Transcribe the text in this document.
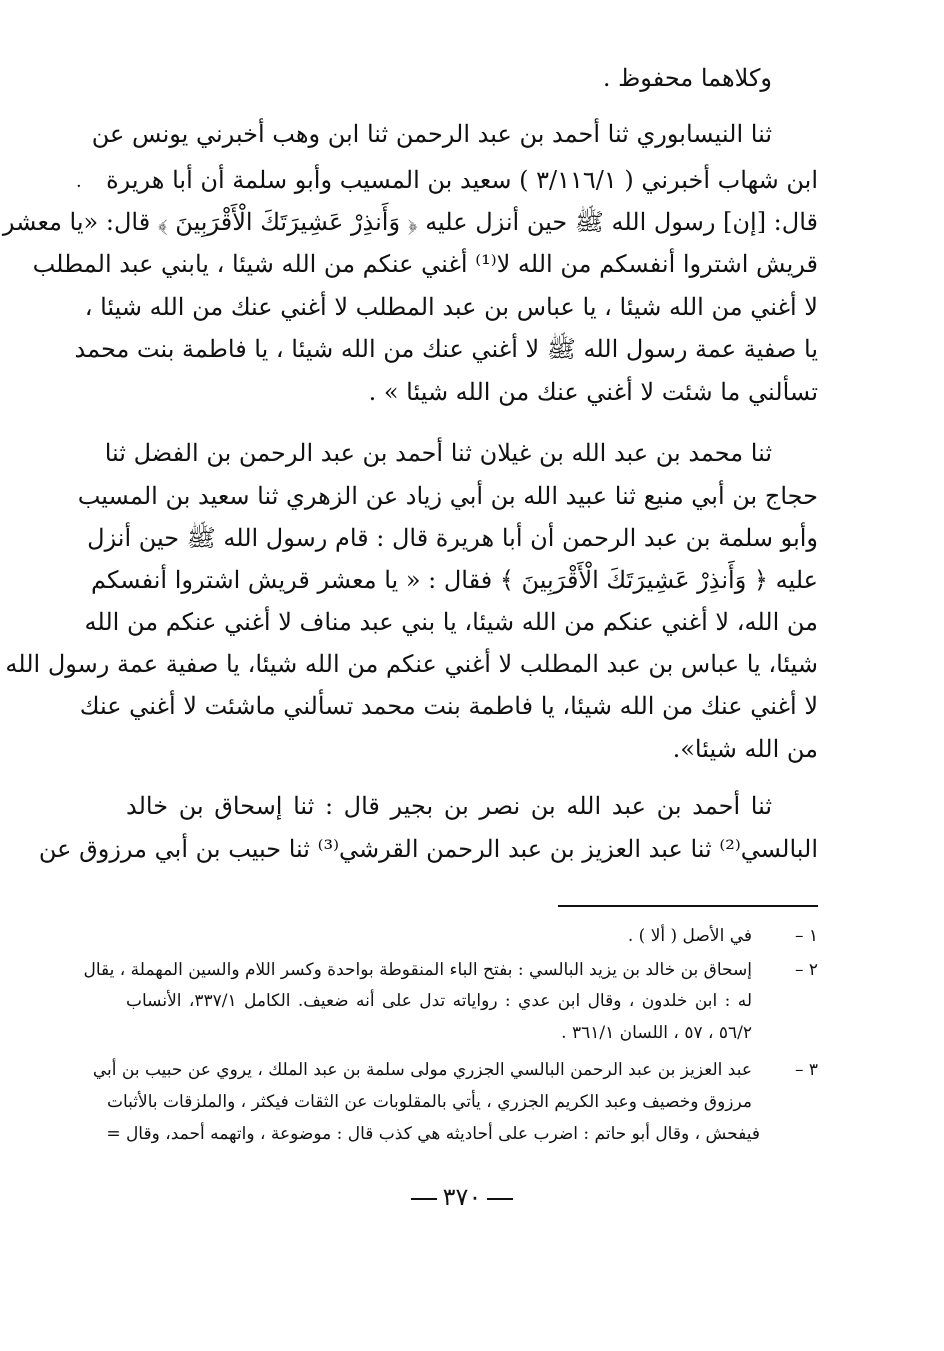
وكلاهما محفوظ .
ثنا النيسابوري ثنا أحمد بن عبد الرحمن ثنا ابن وهب أخبرني يونس عن
ابن شهاب أخبرني ( ٣/١١٦/١ ) سعيد بن المسيب وأبو سلمة أن أبا هريرة
قال: [إن] رسول الله ﷺ حين أنزل عليه ﴿ وَأَنذِرْ عَشِيرَتَكَ الْأَقْرَبِينَ ﴾ قال: «يا معشر
قريش اشتروا أنفسكم من الله لا⁽¹⁾ أغني عنكم من الله شيئا ، يابني عبد المطلب
لا أغني من الله شيئا ، يا عباس بن عبد المطلب لا أغني عنك من الله شيئا ،
يا صفية عمة رسول الله ﷺ لا أغني عنك من الله شيئا ، يا فاطمة بنت محمد
تسألني ما شئت لا أغني عنك من الله شيئا » .
ثنا محمد بن عبد الله بن غيلان ثنا أحمد بن عبد الرحمن بن الفضل ثنا
حجاج بن أبي منيع ثنا عبيد الله بن أبي زياد عن الزهري ثنا سعيد بن المسيب
وأبو سلمة بن عبد الرحمن أن أبا هريرة قال : قام رسول الله ﷺ حين أنزل
عليه ﴿ وَأَنذِرْ عَشِيرَتَكَ الْأَقْرَبِينَ ﴾ فقال : « يا معشر قريش اشتروا أنفسكم
من الله، لا أغني عنكم من الله شيئا، يا بني عبد مناف لا أغني عنكم من الله
شيئا، يا عباس بن عبد المطلب لا أغني عنكم من الله شيئا، يا صفية عمة رسول الله
لا أغني عنك من الله شيئا، يا فاطمة بنت محمد تسألني ماشئت لا أغني عنك
من الله شيئا».
ثنا أحمد بن عبد الله بن نصر بن بجير قال : ثنا إسحاق بن خالد
البالسي⁽²⁾ ثنا عبد العزيز بن عبد الرحمن القرشي⁽³⁾ ثنا حبيب بن أبي مرزوق عن
·
١ –
في الأصل ( ألا ) .
٢ –
إسحاق بن خالد بن يزيد البالسي : بفتح الباء المنقوطة بواحدة وكسر اللام والسين المهملة ، يقال
له : ابن خلدون ، وقال ابن عدي : رواياته تدل على أنه ضعيف. الكامل ٣٣٧/١، الأنساب
٥٦/٢ ، ٥٧ ، اللسان ٣٦١/١ .
٣ –
عبد العزيز بن عبد الرحمن البالسي الجزري مولى سلمة بن عبد الملك ، يروي عن حبيب بن أبي
مرزوق وخصيف وعبد الكريم الجزري ، يأتي بالمقلوبات عن الثقات فيكثر ، والملزقات بالأثبات
فيفحش ، وقال أبو حاتم : اضرب على أحاديثه هي كذب قال : موضوعة ، واتهمه أحمد، وقال =
٣٧٠
